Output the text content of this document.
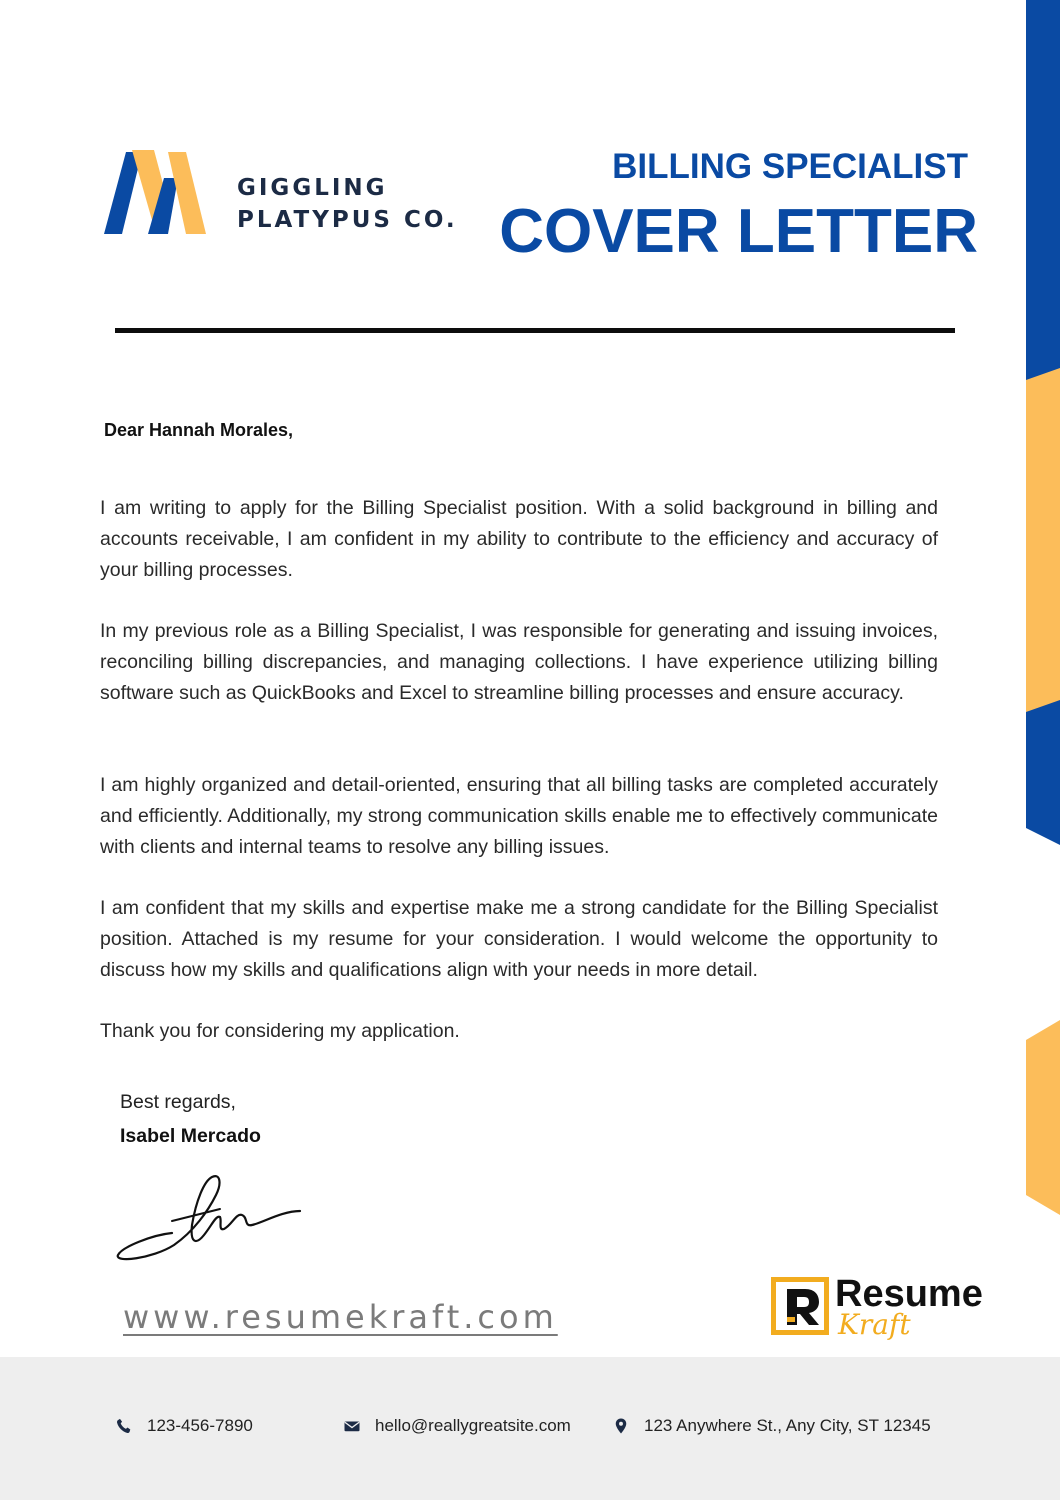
GIGGLING
PLATYPUS CO.
BILLING SPECIALIST
COVER LETTER
Dear Hannah Morales,

I am writing to apply for the Billing Specialist position. With a solid background in billing and accounts receivable, I am confident in my ability to contribute to the efficiency and accuracy of your billing processes.

In my previous role as a Billing Specialist, I was responsible for generating and issuing invoices, reconciling billing discrepancies, and managing collections. I have experience utilizing billing software such as QuickBooks and Excel to streamline billing processes and ensure accuracy.

I am highly organized and detail-oriented, ensuring that all billing tasks are completed accurately and efficiently. Additionally, my strong communication skills enable me to effectively communicate with clients and internal teams to resolve any billing issues.

I am confident that my skills and expertise make me a strong candidate for the Billing Specialist position. Attached is my resume for your consideration. I would welcome the opportunity to discuss how my skills and qualifications align with your needs in more detail.

Thank you for considering my application.

Best regards,
Isabel Mercado
www.resumekraft.com
Resume
Kraft
123-456-7890	hello@reallygreatsite.com	123 Anywhere St., Any City, ST 12345
